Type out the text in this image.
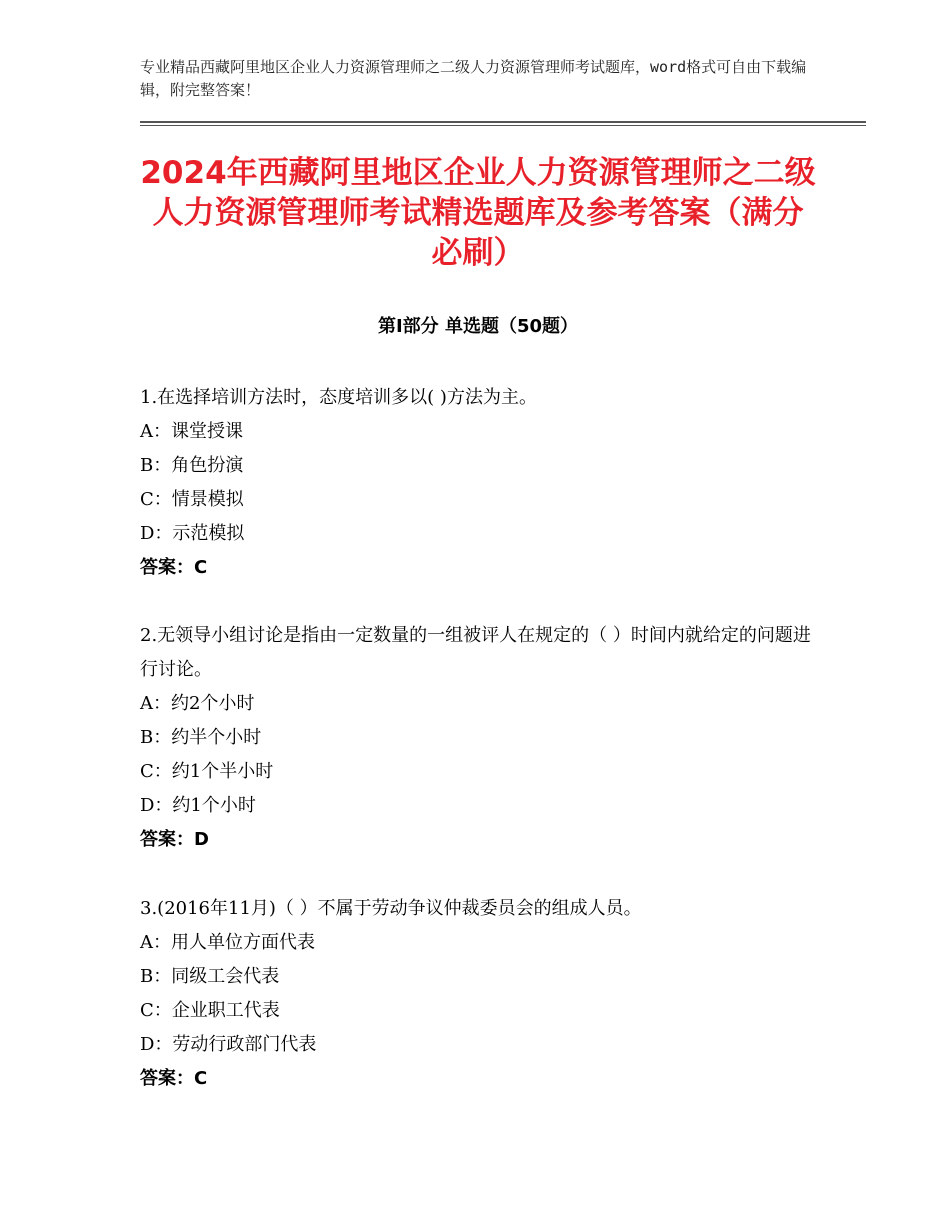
专业精品西藏阿里地区企业人力资源管理师之二级人力资源管理师考试题库，word格式可自由下载编辑，附完整答案！
2024年西藏阿里地区企业人力资源管理师之二级人力资源管理师考试精选题库及参考答案（满分必刷）
第Ⅰ部分 单选题（50题）

1.在选择培训方法时，态度培训多以( )方法为主。

A：课堂授课

B：角色扮演

C：情景模拟

D：示范模拟

答案：C

2.无领导小组讨论是指由一定数量的一组被评人在规定的（ ）时间内就给定的问题进行讨论。

A：约2个小时

B：约半个小时

C：约1个半小时

D：约1个小时

答案：D

3.(2016年11月)（ ）不属于劳动争议仲裁委员会的组成人员。

A：用人单位方面代表

B：同级工会代表

C：企业职工代表

D：劳动行政部门代表

答案：C
